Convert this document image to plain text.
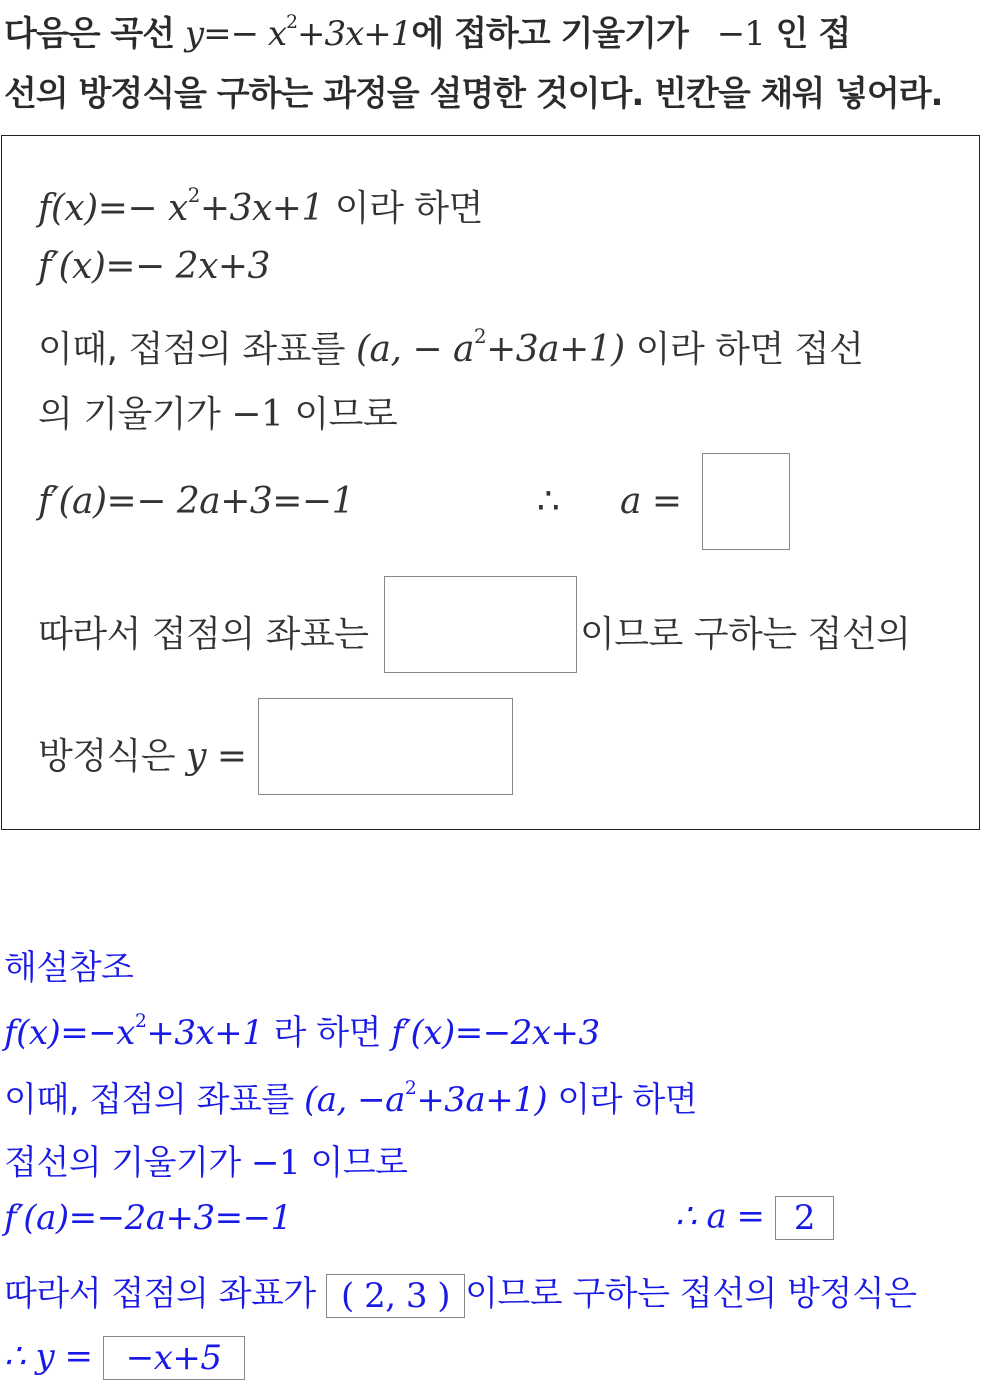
다음은 곡선 $y=- x^2+3x+1$에 접하고 기울기가 −1 인 접
선의 방정식을 구하는 과정을 설명한 것이다. 빈칸을 채워 넣어라.
$f(x)=- x^2+3x+1$ 이라 하면
f′(x)=− 2x+3
이때, 접점의 좌표를 (a, − $a^2+3a+1$) 이라 하면 접선
의 기울기가 −1 이므로
f′(a)=− 2a+3=−1	∴ a =
따라서 접점의 좌표는	이므로 구하는 접선의
방정식은 y =
해설참조
$f(x)=-x^2+3x+1$ 라 하면 f′(x)=−2x+3
이때, 접점의 좌표를 (a, $-a^2+3a+1$) 이라 하면
접선의 기울기가 −1 이므로
f′(a)=−2a+3=−1	∴ a = 2
따라서 접점의 좌표가 ( 2, 3 ) 이므로 구하는 접선의 방정식은
∴ y = −x+5
